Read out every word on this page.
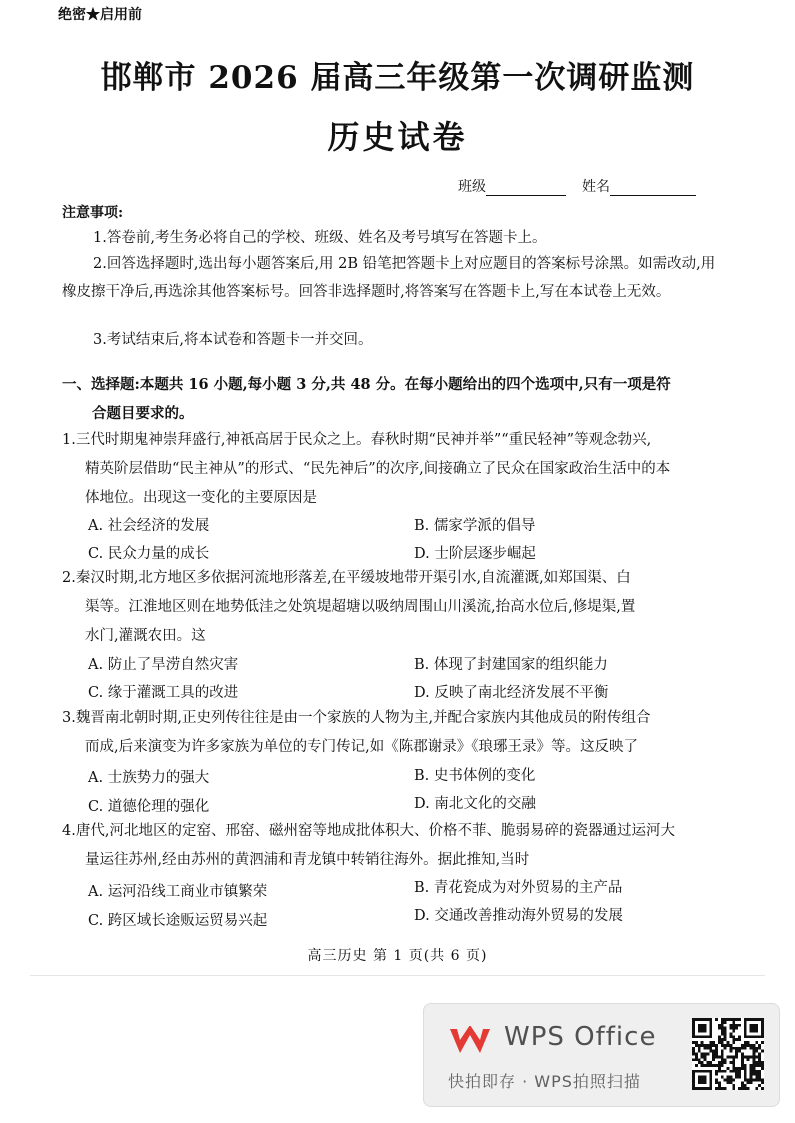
绝密★启用前
邯郸市 2026 届高三年级第一次调研监测
历史试卷
班级	姓名
注意事项:
1.答卷前,考生务必将自己的学校、班级、姓名及考号填写在答题卡上。
2.回答选择题时,选出每小题答案后,用 2B 铅笔把答题卡上对应题目的答案标号涂黑。如需改动,用橡皮擦干净后,再选涂其他答案标号。回答非选择题时,将答案写在答题卡上,写在本试卷上无效。
3.考试结束后,将本试卷和答题卡一并交回。
一、选择题:本题共 16 小题,每小题 3 分,共 48 分。在每小题给出的四个选项中,只有一项是符
合题目要求的。
1.三代时期鬼神崇拜盛行,神祇高居于民众之上。春秋时期“民神并举”“重民轻神”等观念勃兴,
精英阶层借助“民主神从”的形式、“民先神后”的次序,间接确立了民众在国家政治生活中的本
体地位。出现这一变化的主要原因是
A. 社会经济的发展	B. 儒家学派的倡导
C. 民众力量的成长	D. 士阶层逐步崛起
2.秦汉时期,北方地区多依据河流地形落差,在平缓坡地带开渠引水,自流灌溉,如郑国渠、白
渠等。江淮地区则在地势低洼之处筑堤超塘以吸纳周围山川溪流,抬高水位后,修堤渠,置
水门,灌溉农田。这
A. 防止了旱涝自然灾害	B. 体现了封建国家的组织能力
C. 缘于灌溉工具的改进	D. 反映了南北经济发展不平衡
3.魏晋南北朝时期,正史列传往往是由一个家族的人物为主,并配合家族内其他成员的附传组合
而成,后来演变为许多家族为单位的专门传记,如《陈郡谢录》《琅琊王录》等。这反映了
A. 士族势力的强大	B. 史书体例的变化
C. 道德伦理的强化	D. 南北文化的交融
4.唐代,河北地区的定窑、邢窑、磁州窑等地成批体积大、价格不菲、脆弱易碎的瓷器通过运河大
量运往苏州,经由苏州的黄泗浦和青龙镇中转销往海外。据此推知,当时
A. 运河沿线工商业市镇繁荣	B. 青花瓷成为对外贸易的主产品
C. 跨区域长途贩运贸易兴起	D. 交通改善推动海外贸易的发展
高三历史 第 1 页(共 6 页)
WPS Office
快拍即存 · WPS拍照扫描
